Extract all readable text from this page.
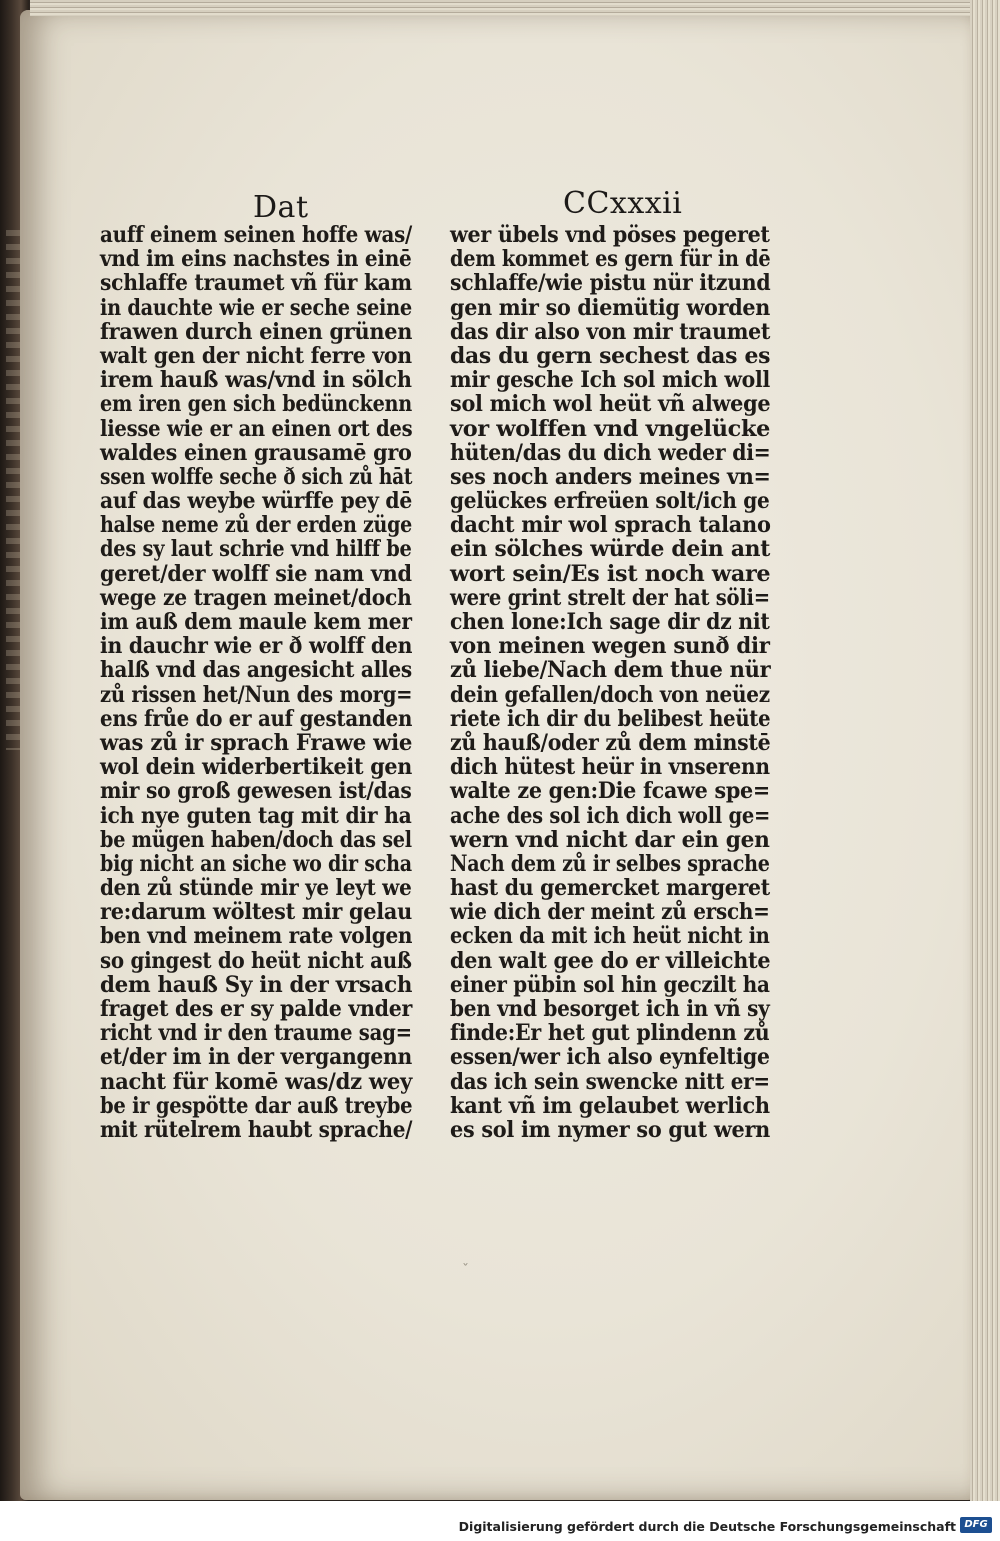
Dat	CCxxxii
auff einem seinen hoffe was/
vnd im eins nachstes in einē
schlaffe traumet vñ für kam
in dauchte wie er seche seine
frawen durch einen grünen
walt gen der nicht ferre von
irem hauß was/vnd in sölch
em iren gen sich bedünckenn
liesse wie er an einen ort des
waldes einen grausamē gro
ssen wolffe seche ð sich zů hāt
auf das weybe würffe pey dē
halse neme zů der erden züge
des sy laut schrie vnd hilff be
geret/der wolff sie nam vnd
wege ze tragen meinet/doch
im auß dem maule kem mer
in dauchr wie er ð wolff den
halß vnd das angesicht alles
zů rissen het/Nun des morg=
ens frůe do er auf gestanden
was zů ir sprach Frawe wie
wol dein widerbertikeit gen
mir so groß gewesen ist/das
ich nye guten tag mit dir ha
be mügen haben/doch das sel
big nicht an siche wo dir scha
den zů stünde mir ye leyt we
re:darum wöltest mir gelau
ben vnd meinem rate volgen
so gingest do heüt nicht auß
dem hauß Sy in der vrsach
fraget des er sy palde vnder
richt vnd ir den traume sag=
et/der im in der vergangenn
nacht für komē was/dz wey
be ir gespötte dar auß treybe
mit rütelrem haubt sprache/
wer übels vnd pöses pegeret
dem kommet es gern für in dē
schlaffe/wie pistu nür itzund
gen mir so diemütig worden
das dir also von mir traumet
das du gern sechest das es
mir gesche Ich sol mich woll
sol mich wol heüt vñ alwege
vor wolffen vnd vngelücke
hüten/das du dich weder di=
ses noch anders meines vn=
gelückes erfreüen solt/ich ge
dacht mir wol sprach talano
ein sölches würde dein ant
wort sein/Es ist noch ware
were grint strelt der hat söli=
chen lone:Ich sage dir dz nit
von meinen wegen sunð dir
zů liebe/Nach dem thue nür
dein gefallen/doch von neüez
riete ich dir du belibest heüte
zů hauß/oder zů dem minstē
dich hütest heür in vnserenn
walte ze gen:Die fcawe spe=
ache des sol ich dich woll ge=
wern vnd nicht dar ein gen
Nach dem zů ir selbes sprache
hast du gemercket margeret
wie dich der meint zů ersch=
ecken da mit ich heüt nicht in
den walt gee do er villeichte
einer pübin sol hin geczilt ha
ben vnd besorget ich in vñ sy
finde:Er het gut plindenn zů
essen/wer ich also eynfeltige
das ich sein swencke nitt er=
kant vñ im gelaubet werlich
es sol im nymer so gut wern
ˇ
Digitalisierung gefördert durch die Deutsche Forschungsgemeinschaft DFG
